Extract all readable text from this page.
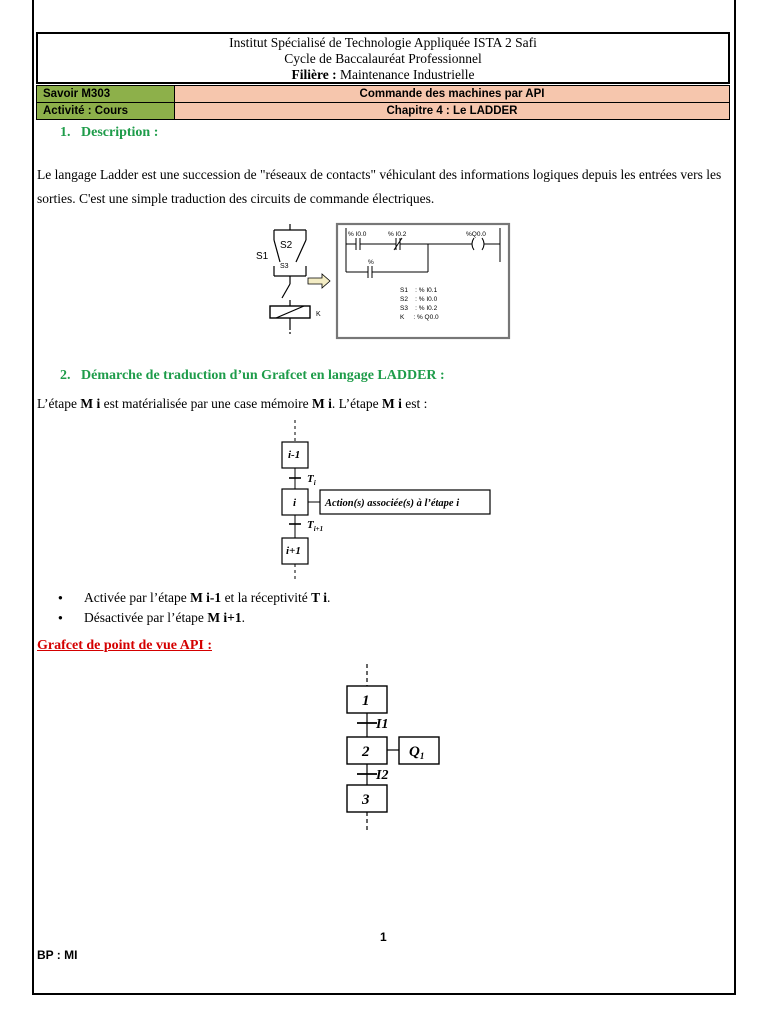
Institut Spécialisé de Technologie Appliquée ISTA 2 Safi
Cycle de Baccalauréat Professionnel
Filière : Maintenance Industrielle
Savoir M303	Commande des machines par API
Activité : Cours	Chapitre 4 : Le LADDER
1.   Description :
Le langage Ladder est une succession de "réseaux de contacts" véhiculant des informations logiques depuis les entrées vers les sorties. C'est une simple traduction des circuits de commande électriques.
S1
S2
S3
K
% I0.0	% I0.2	%Q0.0
%
S1    : % I0.1
S2    : % I0.0
S3    : % I0.2
K     : % Q0.0
2.   Démarche de traduction d’un Grafcet en langage LADDER :
L’étape M i est matérialisée par une case mémoire M i. L’étape M i est :
i-1
$T_i$
i	Action(s) associée(s) à l’étape i
$T_{i+1}$
i+1
● Activée par l’étape M i-1 et la réceptivité T i.
● Désactivée par l’étape M i+1.
Grafcet de point de vue API :
1
I1
2	$Q_1$
I2
3
1
BP : MI
